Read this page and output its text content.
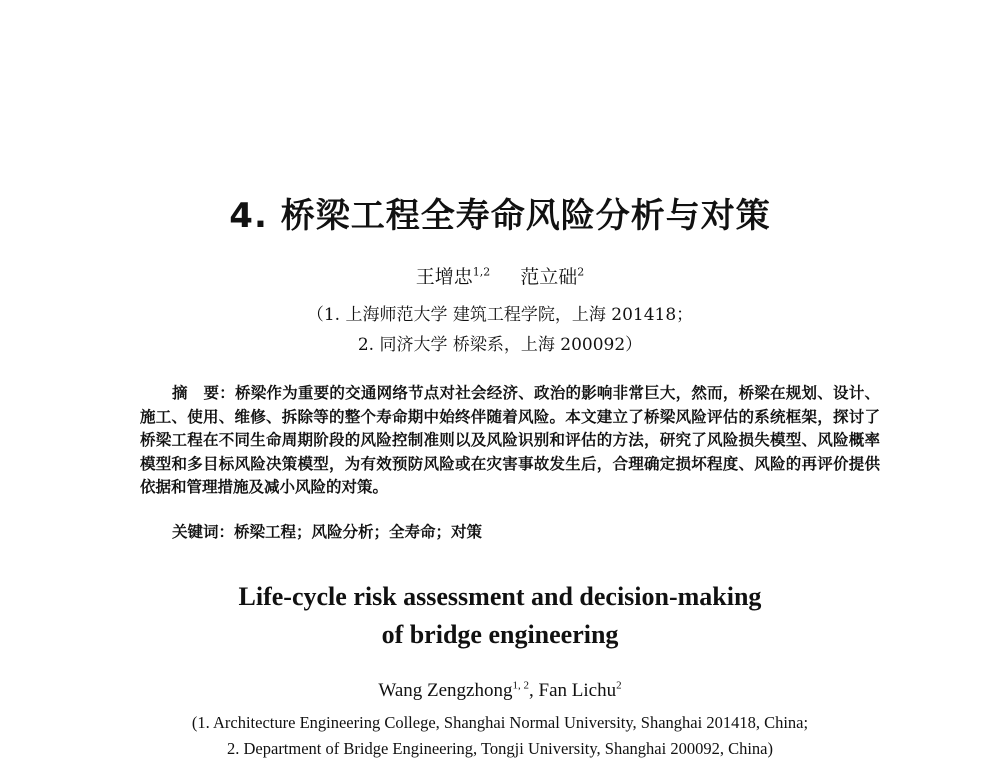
4. 桥梁工程全寿命风险分析与对策
王增忠$^{1,2}$ 范立础$^2$
（1. 上海师范大学 建筑工程学院，上海 201418；
2. 同济大学 桥梁系，上海 200092）
摘　要：桥梁作为重要的交通网络节点对社会经济、政治的影响非常巨大，然而，桥梁在规划、设计、施工、使用、维修、拆除等的整个寿命期中始终伴随着风险。本文建立了桥梁风险评估的系统框架，探讨了桥梁工程在不同生命周期阶段的风险控制准则以及风险识别和评估的方法，研究了风险损失模型、风险概率模型和多目标风险决策模型，为有效预防风险或在灾害事故发生后，合理确定损坏程度、风险的再评价提供依据和管理措施及减小风险的对策。
关键词：桥梁工程；风险分析；全寿命；对策
Life-cycle risk assessment and decision-making
of bridge engineering
Wang Zengzhong$^{1, 2}$, Fan Lichu$^2$
(1. Architecture Engineering College, Shanghai Normal University, Shanghai 201418, China;
2. Department of Bridge Engineering, Tongji University, Shanghai 200092, China)
